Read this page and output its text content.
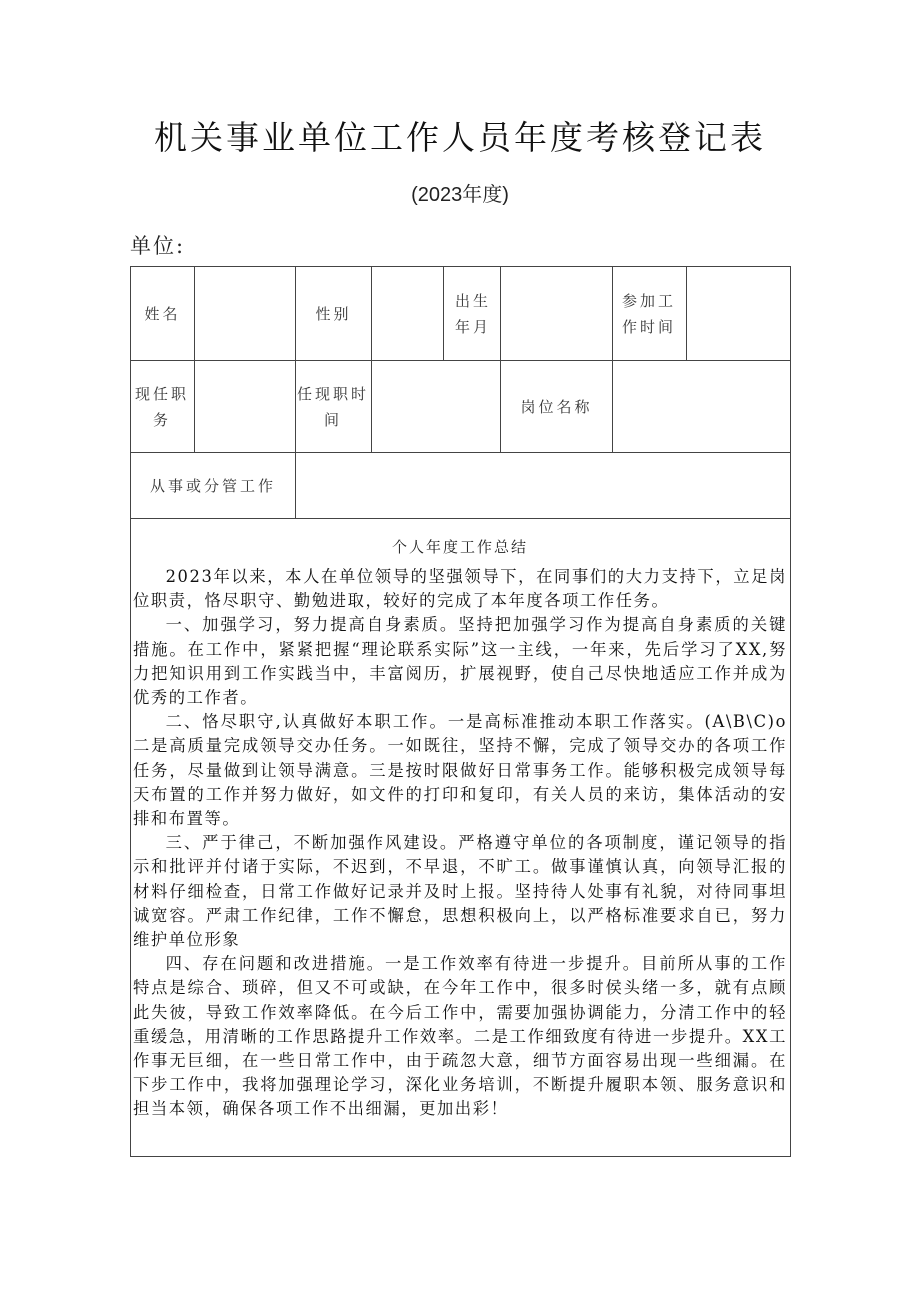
机关事业单位工作人员年度考核登记表
(2023年度)
单位:
姓名	性别
出生年月
参加工作时间
现任职务
任现职时间
岗位名称
从事或分管工作
个人年度工作总结

2023年以来，本人在单位领导的坚强领导下，在同事们的大力支持下，立足岗位职责，恪尽职守、勤勉进取，较好的完成了本年度各项工作任务。

一、加强学习，努力提高自身素质。坚持把加强学习作为提高自身素质的关键措施。在工作中，紧紧把握“理论联系实际”这一主线，一年来，先后学习了XX,努力把知识用到工作实践当中，丰富阅历，扩展视野，使自己尽快地适应工作并成为优秀的工作者。

二、恪尽职守,认真做好本职工作。一是高标准推动本职工作落实。(A\B\C)o二是高质量完成领导交办任务。一如既往，坚持不懈，完成了领导交办的各项工作任务，尽量做到让领导满意。三是按时限做好日常事务工作。能够积极完成领导每天布置的工作并努力做好，如文件的打印和复印，有关人员的来访，集体活动的安排和布置等。

三、严于律己，不断加强作风建设。严格遵守单位的各项制度，谨记领导的指示和批评并付诸于实际，不迟到，不早退，不旷工。做事谨慎认真，向领导汇报的材料仔细检查，日常工作做好记录并及时上报。坚持待人处事有礼貌，对待同事坦诚宽容。严肃工作纪律，工作不懈怠，思想积极向上，以严格标准要求自已，努力维护单位形象

四、存在问题和改进措施。一是工作效率有待进一步提升。目前所从事的工作特点是综合、琐碎，但又不可或缺，在今年工作中，很多时侯头绪一多，就有点顾此失彼，导致工作效率降低。在今后工作中，需要加强协调能力，分清工作中的轻重缓急，用清晰的工作思路提升工作效率。二是工作细致度有待进一步提升。XX工作事无巨细，在一些日常工作中，由于疏忽大意，细节方面容易出现一些细漏。在下步工作中，我将加强理论学习，深化业务培训，不断提升履职本领、服务意识和担当本领，确保各项工作不出细漏，更加出彩！
